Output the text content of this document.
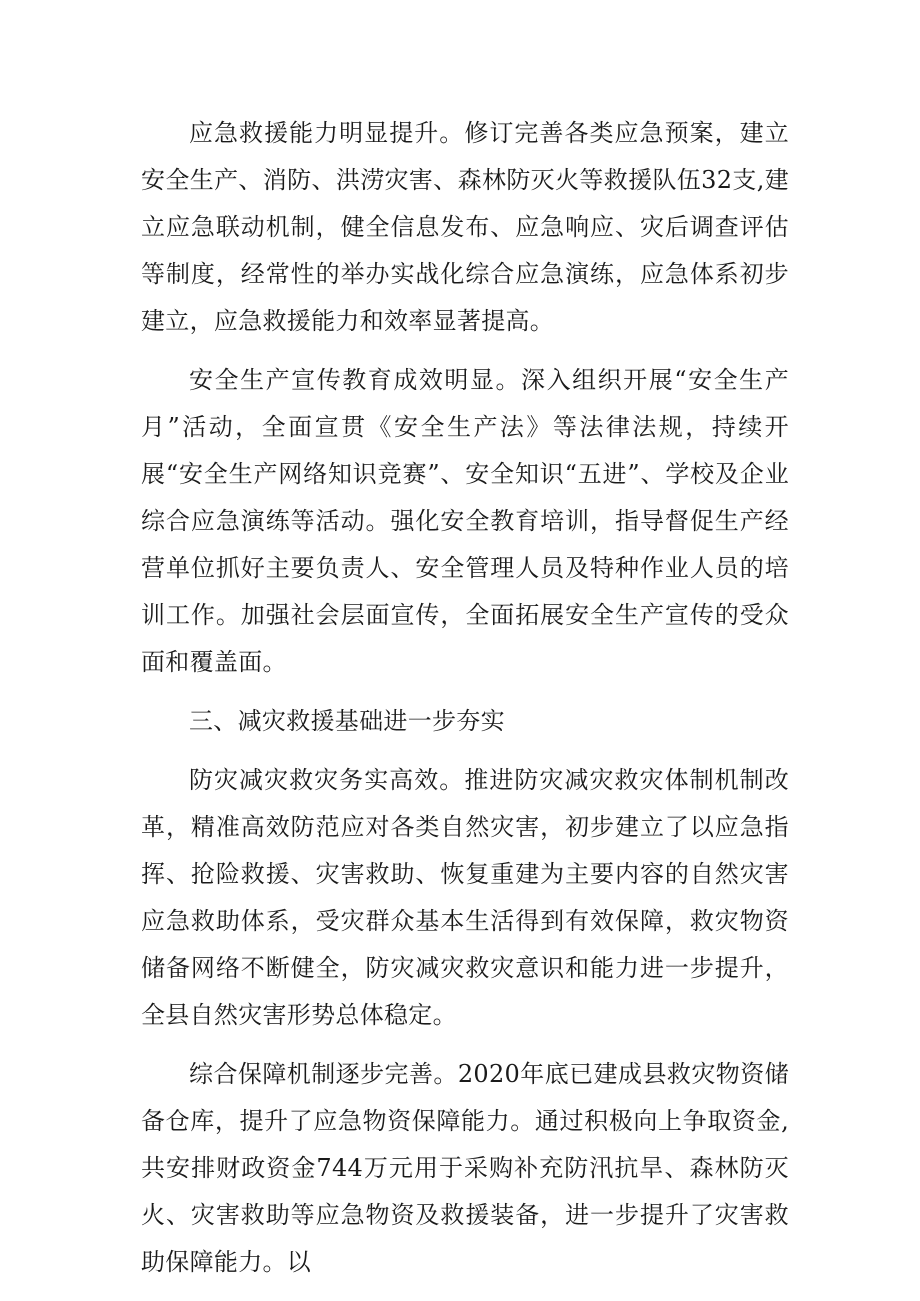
应急救援能力明显提升。修订完善各类应急预案，建立安全生产、消防、洪涝灾害、森林防灭火等救援队伍32支,建立应急联动机制，健全信息发布、应急响应、灾后调查评估等制度，经常性的举办实战化综合应急演练，应急体系初步建立，应急救援能力和效率显著提高。

安全生产宣传教育成效明显。深入组织开展“安全生产月”活动，全面宣贯《安全生产法》等法律法规，持续开展“安全生产网络知识竞赛”、安全知识“五进”、学校及企业综合应急演练等活动。强化安全教育培训，指导督促生产经营单位抓好主要负责人、安全管理人员及特种作业人员的培训工作。加强社会层面宣传，全面拓展安全生产宣传的受众面和覆盖面。

三、减灾救援基础进一步夯实

防灾减灾救灾务实高效。推进防灾减灾救灾体制机制改革，精准高效防范应对各类自然灾害，初步建立了以应急指挥、抢险救援、灾害救助、恢复重建为主要内容的自然灾害应急救助体系，受灾群众基本生活得到有效保障，救灾物资储备网络不断健全，防灾减灾救灾意识和能力进一步提升，全县自然灾害形势总体稳定。

综合保障机制逐步完善。2020年底已建成县救灾物资储备仓库，提升了应急物资保障能力。通过积极向上争取资金,共安排财政资金744万元用于采购补充防汛抗旱、森林防灭火、灾害救助等应急物资及救援装备，进一步提升了灾害救助保障能力。以
